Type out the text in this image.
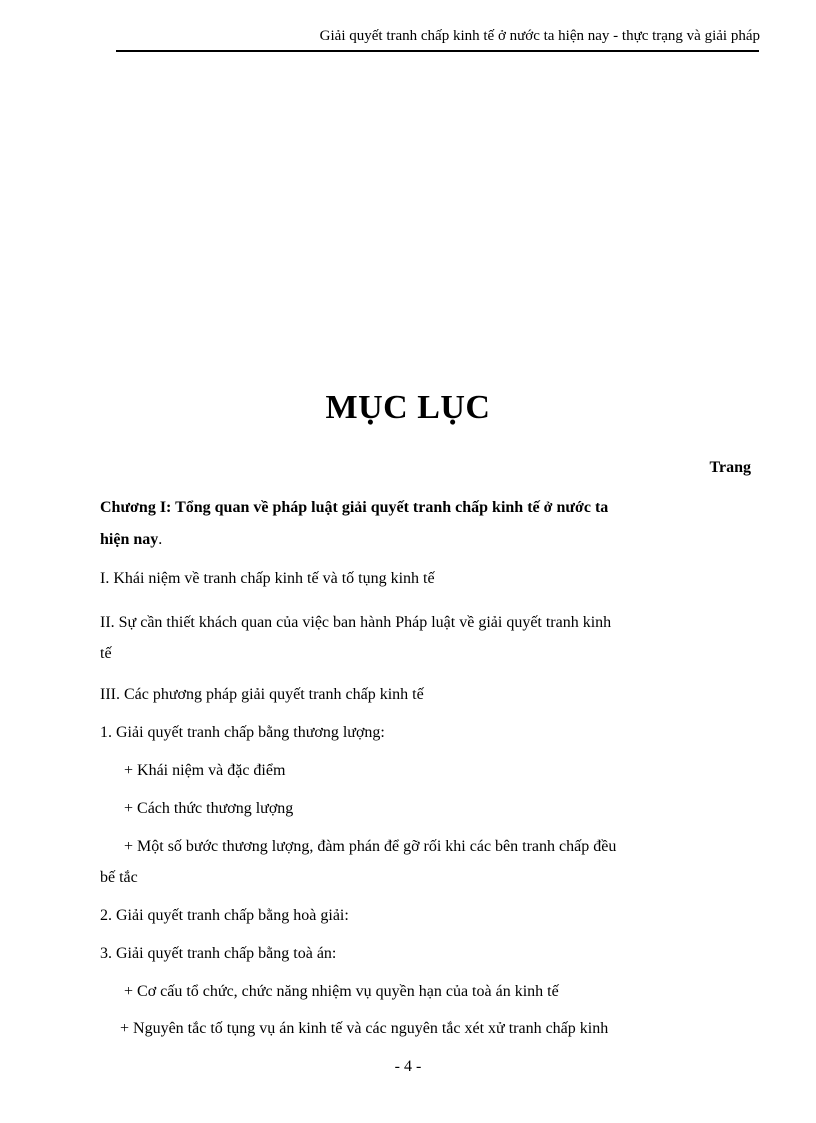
Giải quyết tranh chấp kinh tế ở nước ta hiện nay - thực trạng và giải pháp
MỤC LỤC
Trang
Chương I: Tổng quan về pháp luật giải quyết tranh chấp kinh tế ở nước ta
hiện nay.
I. Khái niệm về tranh chấp kinh tế và tố tụng kinh tế
II. Sự cần thiết khách quan của việc ban hành Pháp luật về giải quyết tranh kinh
tế
III. Các phương pháp giải quyết tranh chấp kinh tế
1. Giải quyết tranh chấp bằng thương lượng:
+ Khái niệm và đặc điểm
+ Cách thức thương lượng
+ Một số bước thương lượng, đàm phán để gỡ rối khi các bên tranh chấp đều
bế tắc
2. Giải quyết tranh chấp bằng hoà giải:
3. Giải quyết tranh chấp bằng toà án:
+ Cơ cấu tổ chức, chức năng nhiệm vụ quyền hạn của toà án kinh tế
+ Nguyên tắc tố tụng vụ án kinh tế và các nguyên tắc xét xử tranh chấp kinh
- 4 -
